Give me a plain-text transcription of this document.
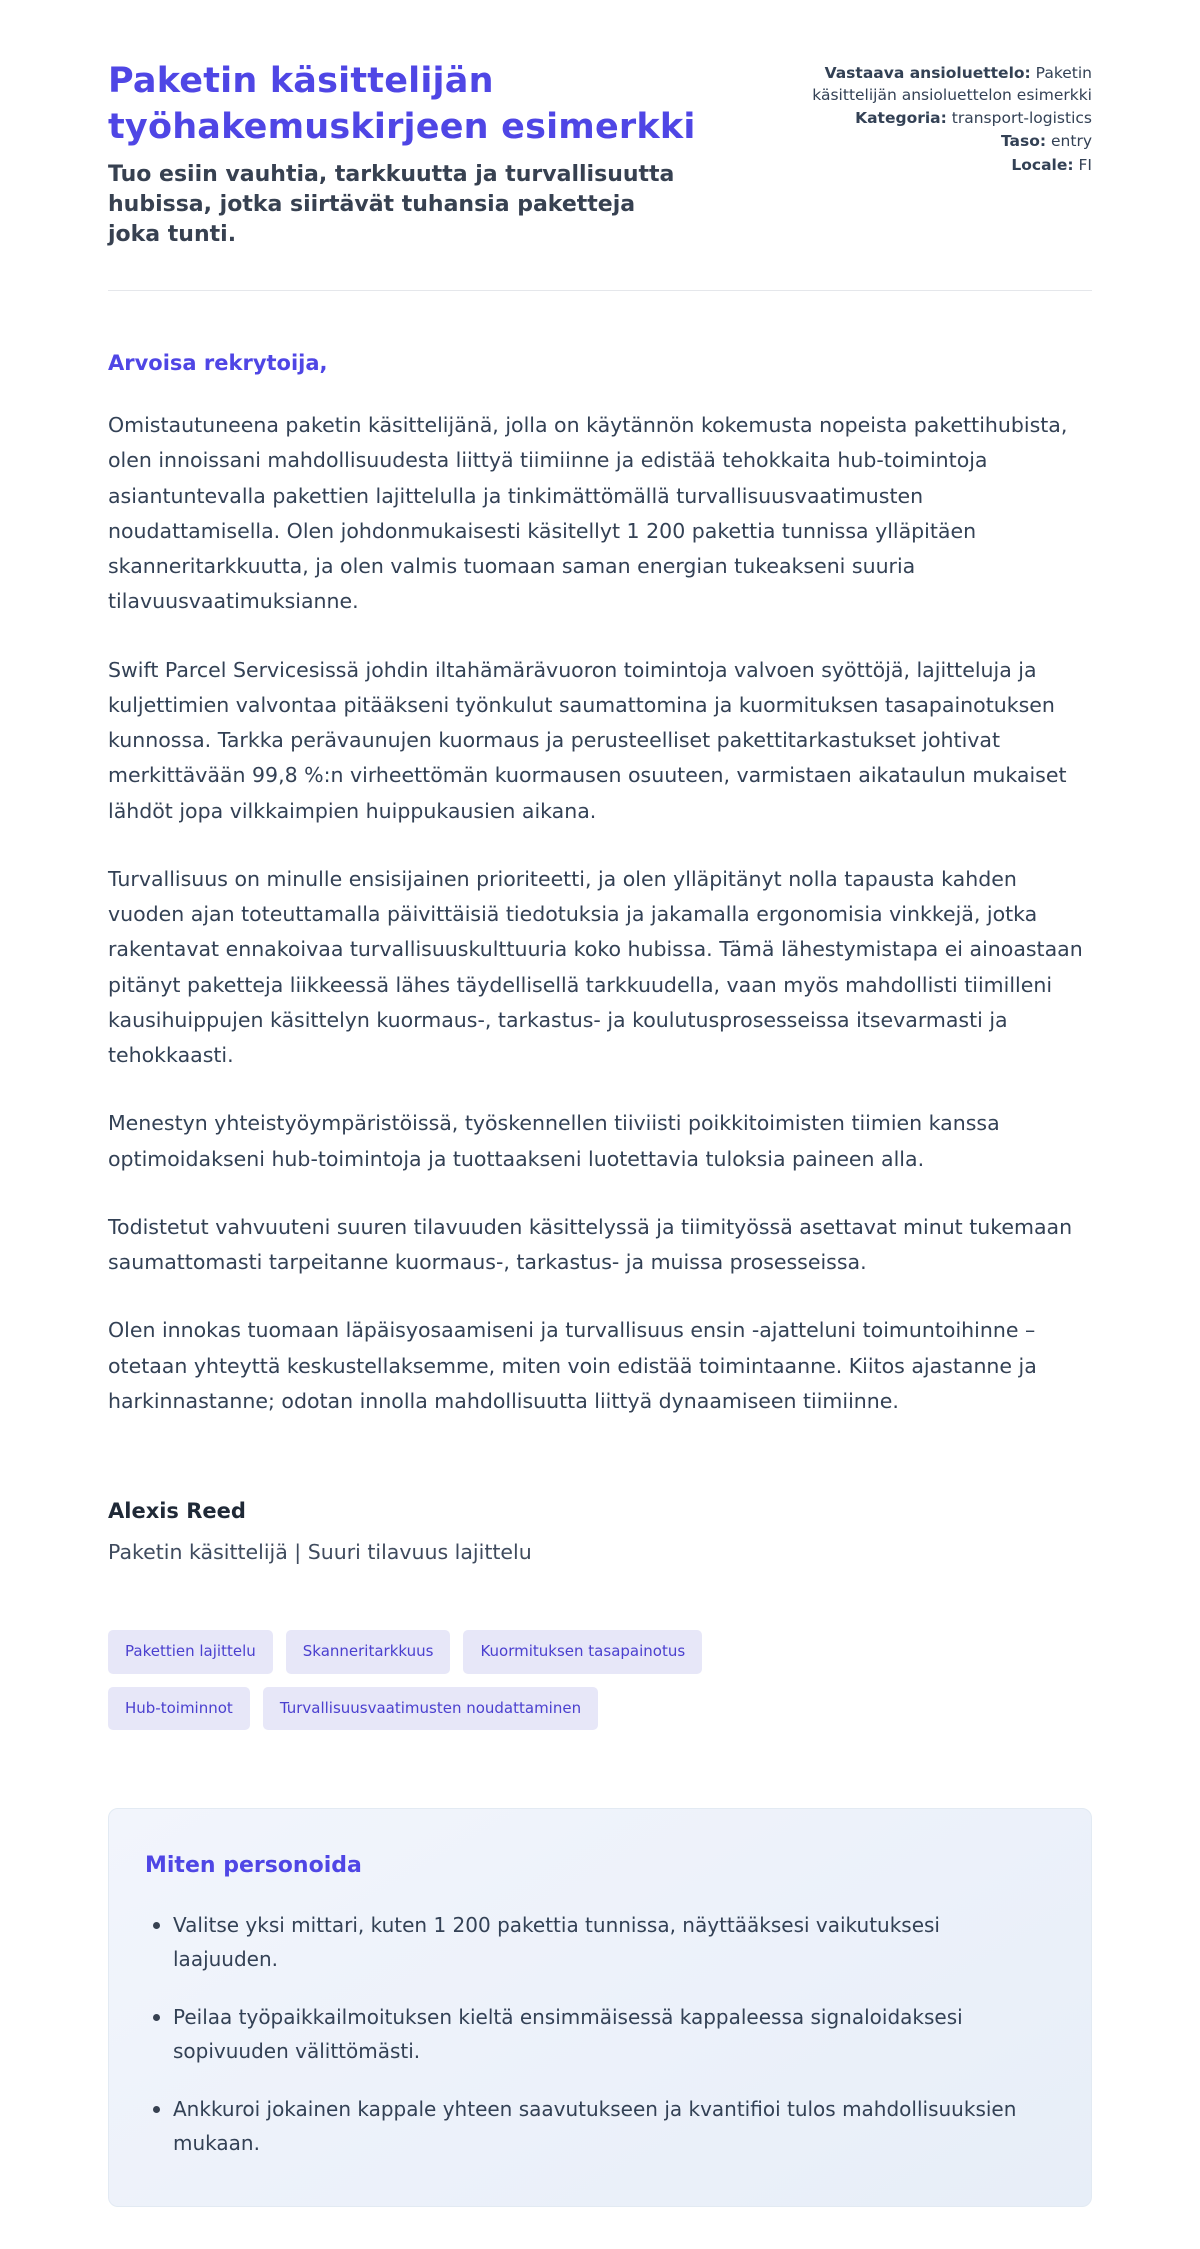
Paketin käsittelijän työhakemuskirjeen esimerkki

Tuo esiin vauhtia, tarkkuutta ja turvallisuutta hubissa, jotka siirtävät tuhansia paketteja joka tunti.

Vastaava ansioluettelo: Paketin käsittelijän ansioluettelon esimerkki
Kategoria: transport-logistics
Taso: entry
Locale: FI

Arvoisa rekrytoija,

Omistautuneena paketin käsittelijänä, jolla on käytännön kokemusta nopeista pakettihubista, olen innoissani mahdollisuudesta liittyä tiimiinne ja edistää tehokkaita hub-toimintoja asiantuntevalla pakettien lajittelulla ja tinkimättömällä turvallisuusvaatimusten noudattamisella. Olen johdonmukaisesti käsitellyt 1 200 pakettia tunnissa ylläpitäen skanneritarkkuutta, ja olen valmis tuomaan saman energian tukeakseni suuria tilavuusvaatimuksianne.

Swift Parcel Servicesissä johdin iltahämärävuoron toimintoja valvoen syöttöjä, lajitteluja ja kuljettimien valvontaa pitääkseni työnkulut saumattomina ja kuormituksen tasapainotuksen kunnossa. Tarkka perävaunujen kuormaus ja perusteelliset pakettitarkastukset johtivat merkittävään 99,8 %:n virheettömän kuormausen osuuteen, varmistaen aikataulun mukaiset lähdöt jopa vilkkaimpien huippukausien aikana.

Turvallisuus on minulle ensisijainen prioriteetti, ja olen ylläpitänyt nolla tapausta kahden vuoden ajan toteuttamalla päivittäisiä tiedotuksia ja jakamalla ergonomisia vinkkejä, jotka rakentavat ennakoivaa turvallisuuskulttuuria koko hubissa. Tämä lähestymistapa ei ainoastaan pitänyt paketteja liikkeessä lähes täydellisellä tarkkuudella, vaan myös mahdollisti tiimilleni kausihuippujen käsittelyn kuormaus-, tarkastus- ja koulutusprosesseissa itsevarmasti ja tehokkaasti.

Menestyn yhteistyöympäristöissä, työskennellen tiiviisti poikkitoimisten tiimien kanssa optimoidakseni hub-toimintoja ja tuottaakseni luotettavia tuloksia paineen alla.

Todistetut vahvuuteni suuren tilavuuden käsittelyssä ja tiimityössä asettavat minut tukemaan saumattomasti tarpeitanne kuormaus-, tarkastus- ja muissa prosesseissa.

Olen innokas tuomaan läpäisyosaamiseni ja turvallisuus ensin -ajatteluni toimuntoihinne – otetaan yhteyttä keskustellaksemme, miten voin edistää toimintaanne. Kiitos ajastanne ja harkinnastanne; odotan innolla mahdollisuutta liittyä dynaamiseen tiimiinne.

Alexis Reed

Paketin käsittelijä | Suuri tilavuus lajittelu

Pakettien lajittelu	Skanneritarkkuus	Kuormituksen tasapainotus
Hub-toiminnot	Turvallisuusvaatimusten noudattaminen
Miten personoida
Valitse yksi mittari, kuten 1 200 pakettia tunnissa, näyttääksesi vaikutuksesi laajuuden.
Peilaa työpaikkailmoituksen kieltä ensimmäisessä kappaleessa signaloidaksesi sopivuuden välittömästi.
Ankkuroi jokainen kappale yhteen saavutukseen ja kvantifioi tulos mahdollisuuksien mukaan.
